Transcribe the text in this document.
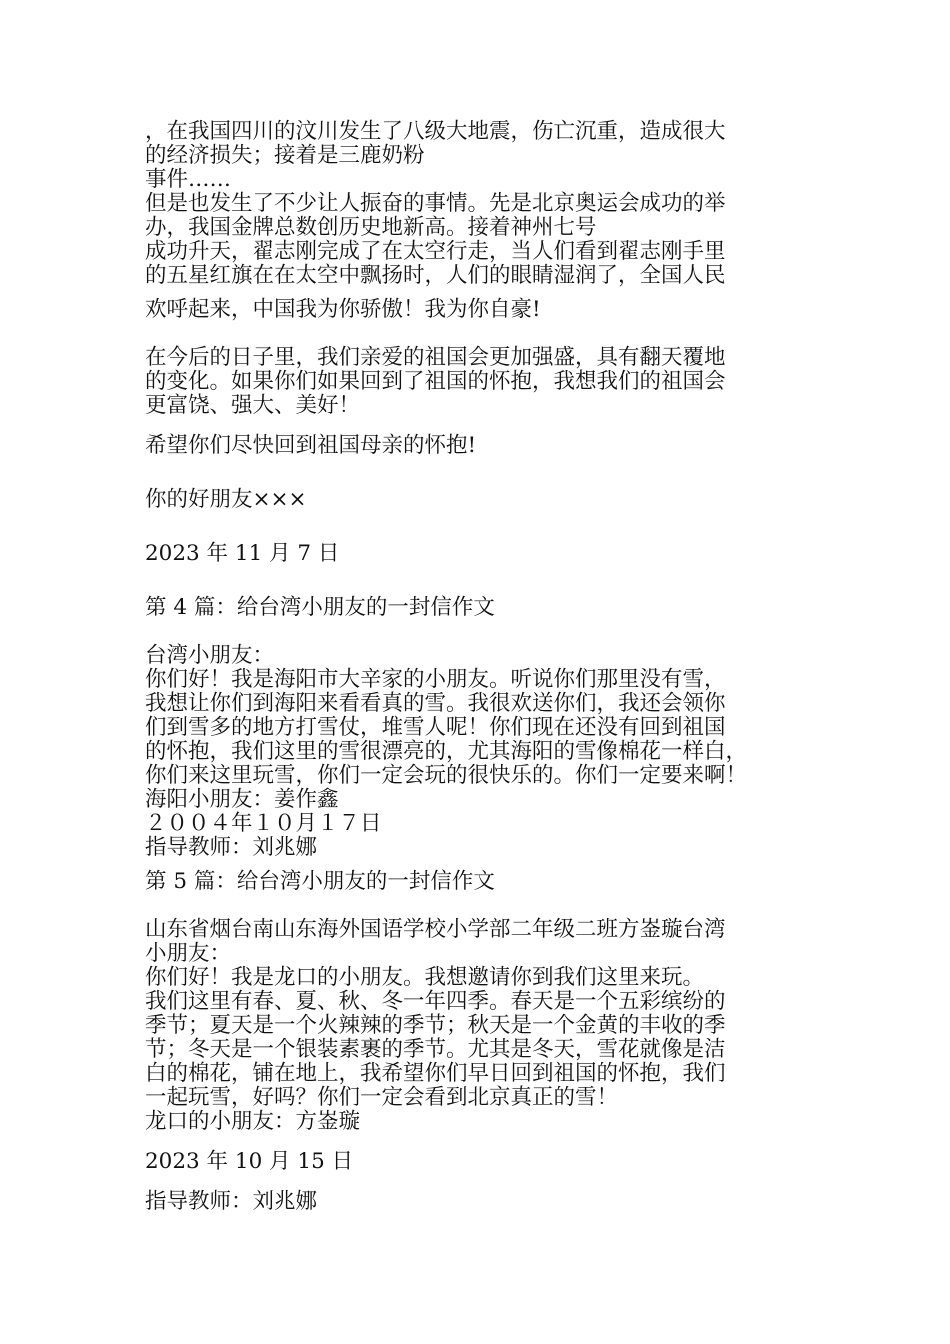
，在我国四川的汶川发生了八级大地震，伤亡沉重，造成很大
的经济损失；接着是三鹿奶粉
事件……
但是也发生了不少让人振奋的事情。先是北京奥运会成功的举
办，我国金牌总数创历史地新高。接着神州七号
成功升天，翟志刚完成了在太空行走，当人们看到翟志刚手里
的五星红旗在在太空中飘扬时，人们的眼睛湿润了，全国人民
欢呼起来，中国我为你骄傲！我为你自豪!
在今后的日子里，我们亲爱的祖国会更加强盛，具有翻天覆地
的变化。如果你们如果回到了祖国的怀抱，我想我们的祖国会
更富饶、强大、美好！
希望你们尽快回到祖国母亲的怀抱!
你的好朋友×××
2023 年 11 月 7 日
第 4 篇：给台湾小朋友的一封信作文
台湾小朋友：
你们好！我是海阳市大辛家的小朋友。听说你们那里没有雪，
我想让你们到海阳来看看真的雪。我很欢送你们，我还会领你
们到雪多的地方打雪仗，堆雪人呢！你们现在还没有回到祖国
的怀抱，我们这里的雪很漂亮的，尤其海阳的雪像棉花一样白，
你们来这里玩雪，你们一定会玩的很快乐的。你们一定要来啊！
海阳小朋友：姜作鑫
２００４年１０月１７日
指导教师：刘兆娜
第 5 篇：给台湾小朋友的一封信作文
山东省烟台南山东海外国语学校小学部二年级二班方崟璇台湾
小朋友：
你们好！我是龙口的小朋友。我想邀请你到我们这里来玩。
我们这里有春、夏、秋、冬一年四季。春天是一个五彩缤纷的
季节；夏天是一个火辣辣的季节；秋天是一个金黄的丰收的季
节；冬天是一个银装素裹的季节。尤其是冬天，雪花就像是洁
白的棉花，铺在地上，我希望你们早日回到祖国的怀抱，我们
一起玩雪，好吗？你们一定会看到北京真正的雪！
龙口的小朋友：方崟璇
2023 年 10 月 15 日
指导教师：刘兆娜
